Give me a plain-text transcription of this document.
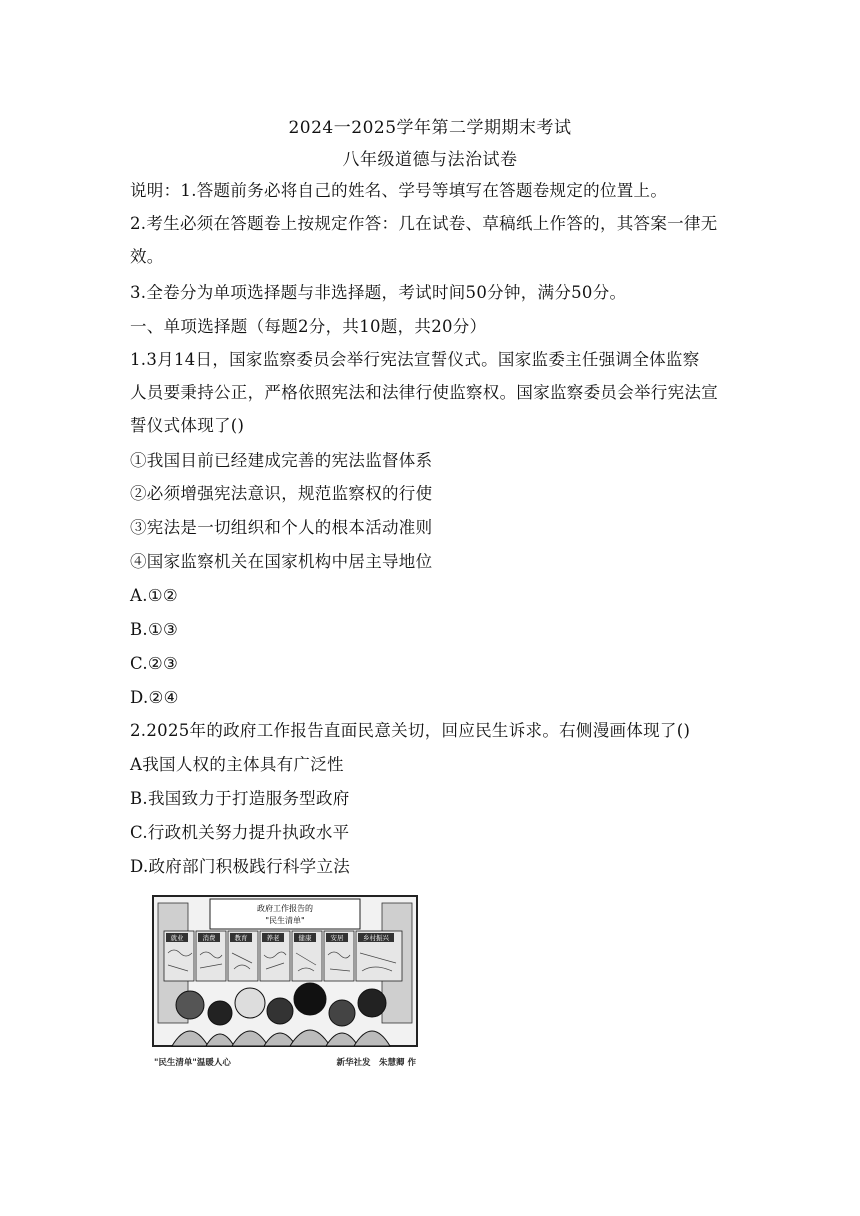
2024一2025学年第二学期期末考试
八年级道德与法治试卷
说明：1.答题前务必将自己的姓名、学号等填写在答题卷规定的位置上。
2.考生必须在答题卷上按规定作答：几在试卷、草稿纸上作答的，其答案一律无
效。
3.全卷分为单项选择题与非选择题，考试时间50分钟，满分50分。
一、单项选择题（每题2分，共10题，共20分）
1.3月14日，国家监察委员会举行宪法宣誓仪式。国家监委主任强调全体监察
人员要秉持公正，严格依照宪法和法律行使监察权。国家监察委员会举行宪法宣
誓仪式体现了()
①我国目前已经建成完善的宪法监督体系
②必须增强宪法意识，规范监察权的行使
③宪法是一切组织和个人的根本活动准则
④国家监察机关在国家机构中居主导地位
A.①②
B.①③
C.②③
D.②④
2.2025年的政府工作报告直面民意关切，回应民生诉求。右侧漫画体现了()
A我国人权的主体具有广泛性
B.我国致力于打造服务型政府
C.行政机关努力提升执政水平
D.政府部门积极践行科学立法
政府工作报告的
"民生清单"
就业	消费	教育	养老	健康	安居	乡村振兴
"民生清单"温暖人心	新华社发　朱慧卿 作
